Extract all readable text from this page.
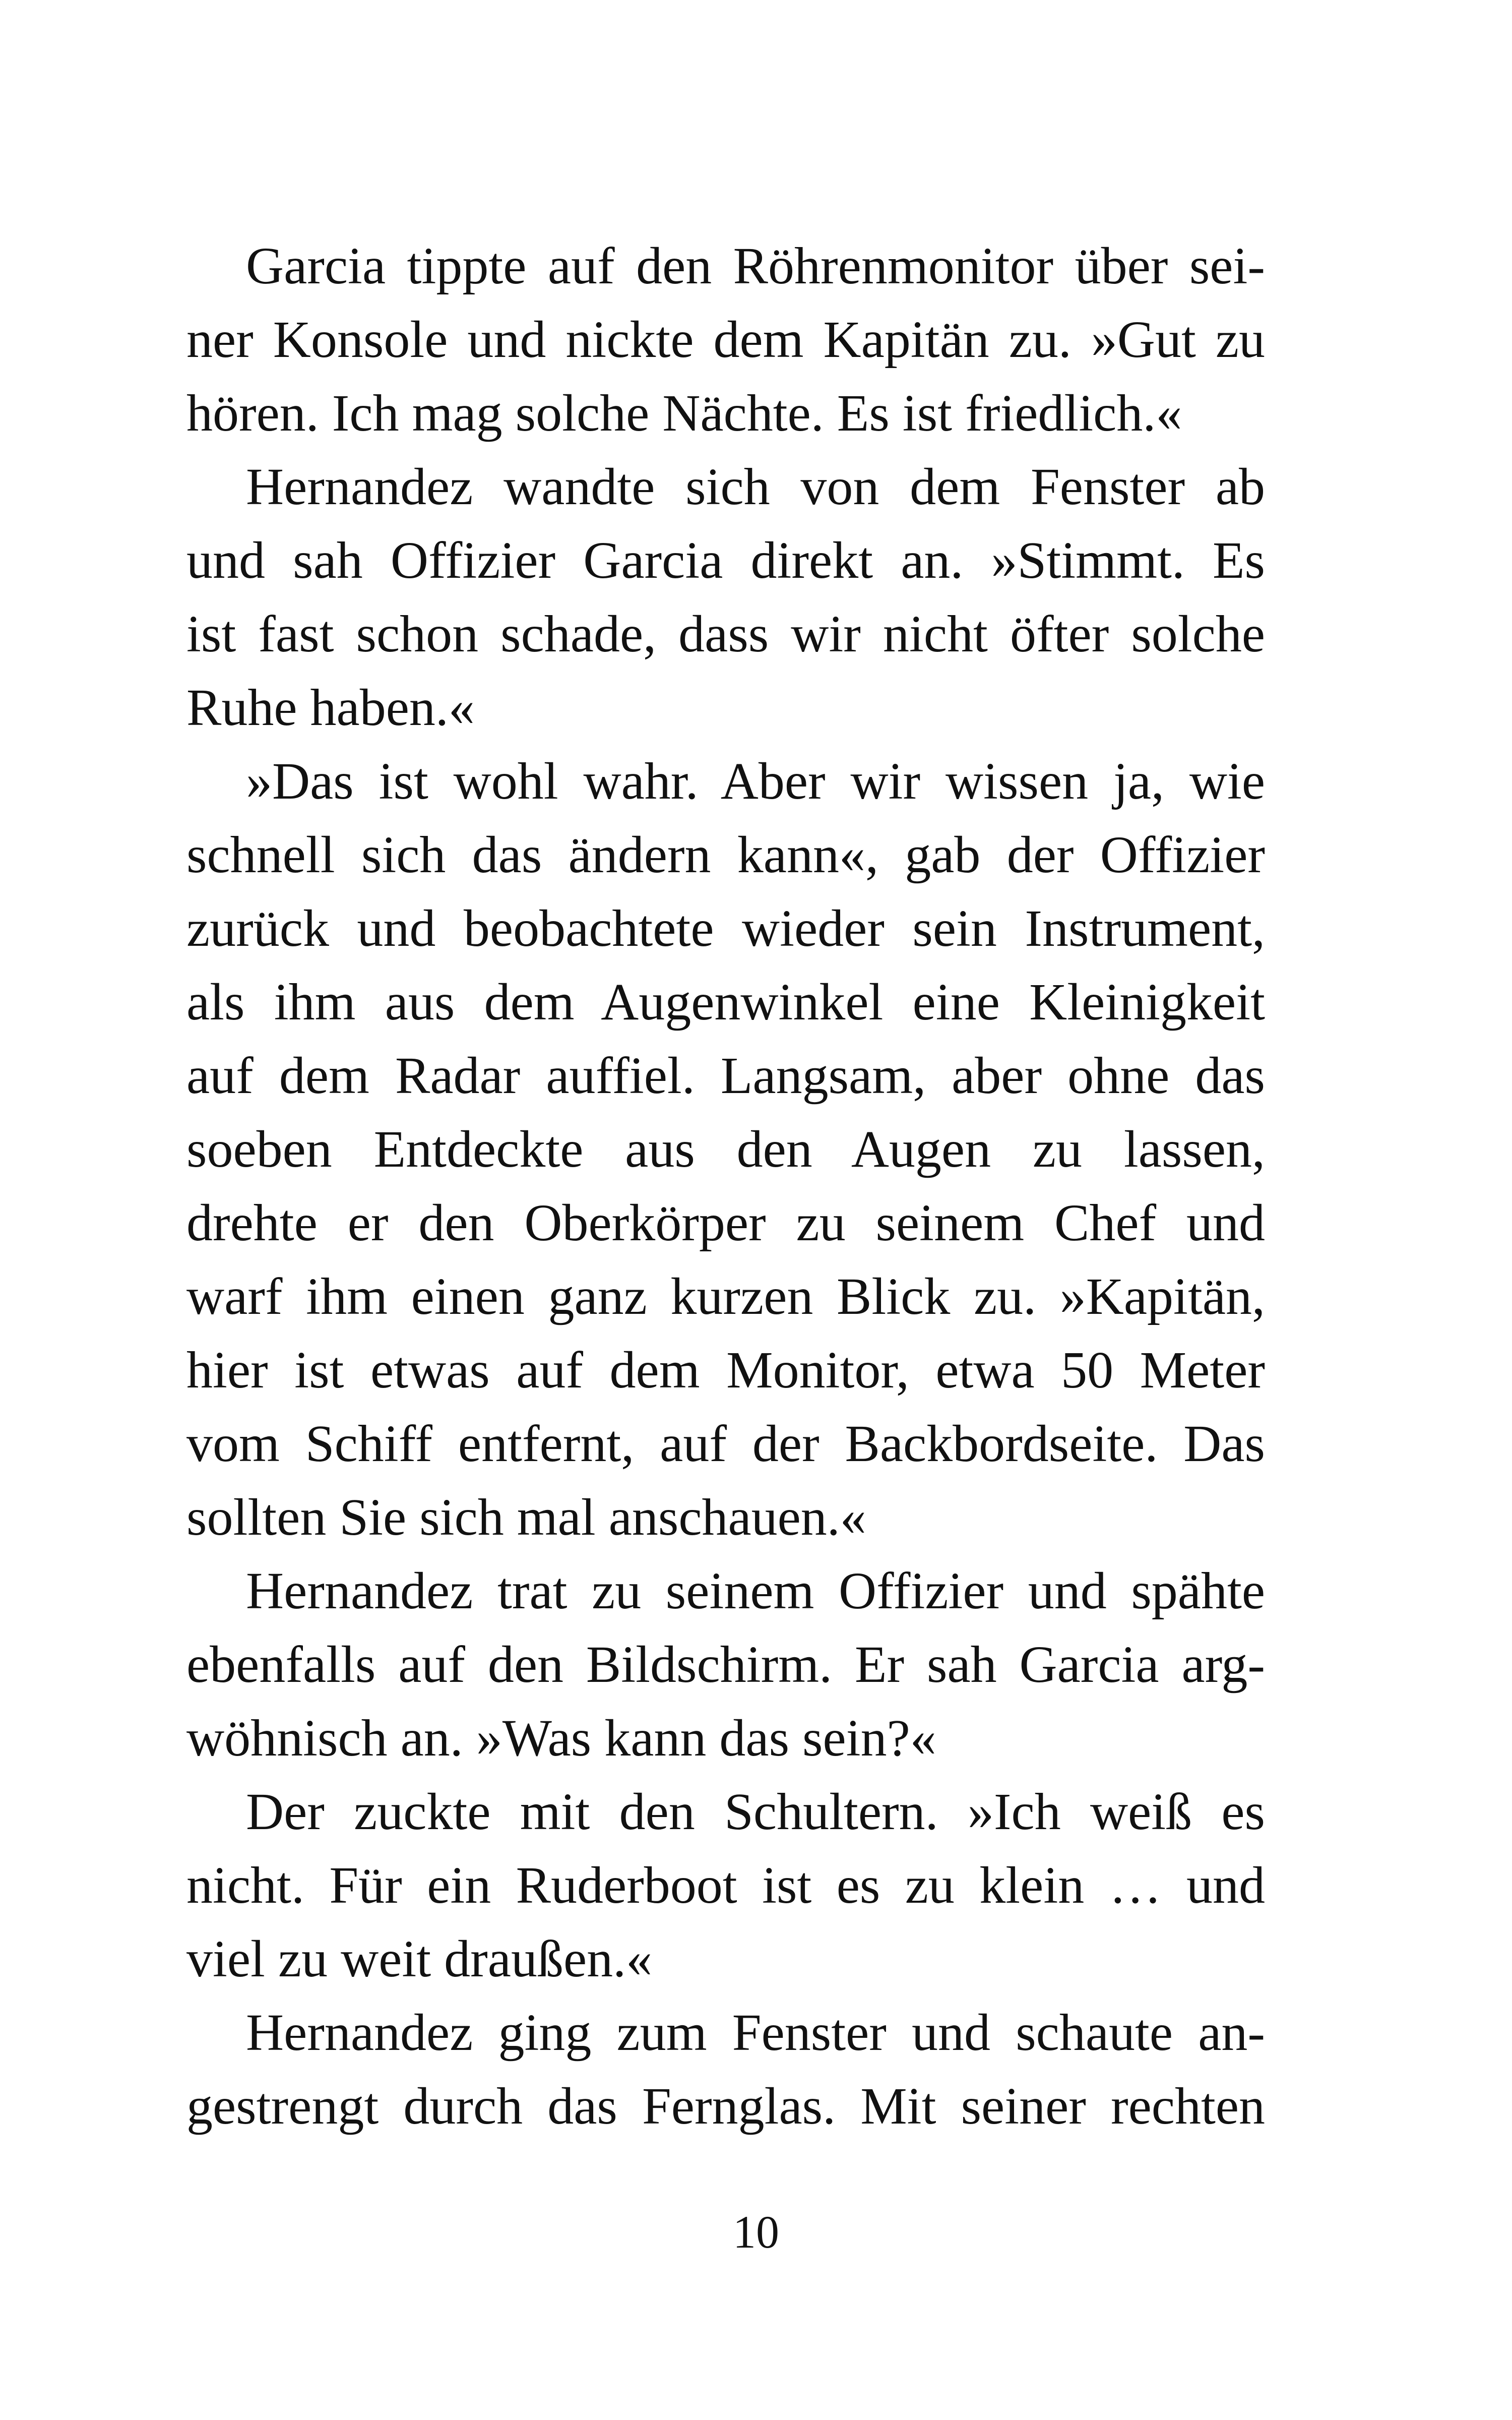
Garcia tippte auf den Röhrenmonitor über sei-
ner Konsole und nickte dem Kapitän zu. »Gut zu
hören. Ich mag solche Nächte. Es ist friedlich.«
Hernandez wandte sich von dem Fenster ab
und sah Offizier Garcia direkt an. »Stimmt. Es
ist fast schon schade, dass wir nicht öfter solche
Ruhe haben.«
»Das ist wohl wahr. Aber wir wissen ja, wie
schnell sich das ändern kann«, gab der Offizier
zurück und beobachtete wieder sein Instrument,
als ihm aus dem Augenwinkel eine Kleinigkeit
auf dem Radar auffiel. Langsam, aber ohne das
soeben Entdeckte aus den Augen zu lassen,
drehte er den Oberkörper zu seinem Chef und
warf ihm einen ganz kurzen Blick zu. »Kapitän,
hier ist etwas auf dem Monitor, etwa 50 Meter
vom Schiff entfernt, auf der Backbordseite. Das
sollten Sie sich mal anschauen.«
Hernandez trat zu seinem Offizier und spähte
ebenfalls auf den Bildschirm. Er sah Garcia arg-
wöhnisch an. »Was kann das sein?«
Der zuckte mit den Schultern. »Ich weiß es
nicht. Für ein Ruderboot ist es zu klein … und
viel zu weit draußen.«
Hernandez ging zum Fenster und schaute an-
gestrengt durch das Fernglas. Mit seiner rechten
10
